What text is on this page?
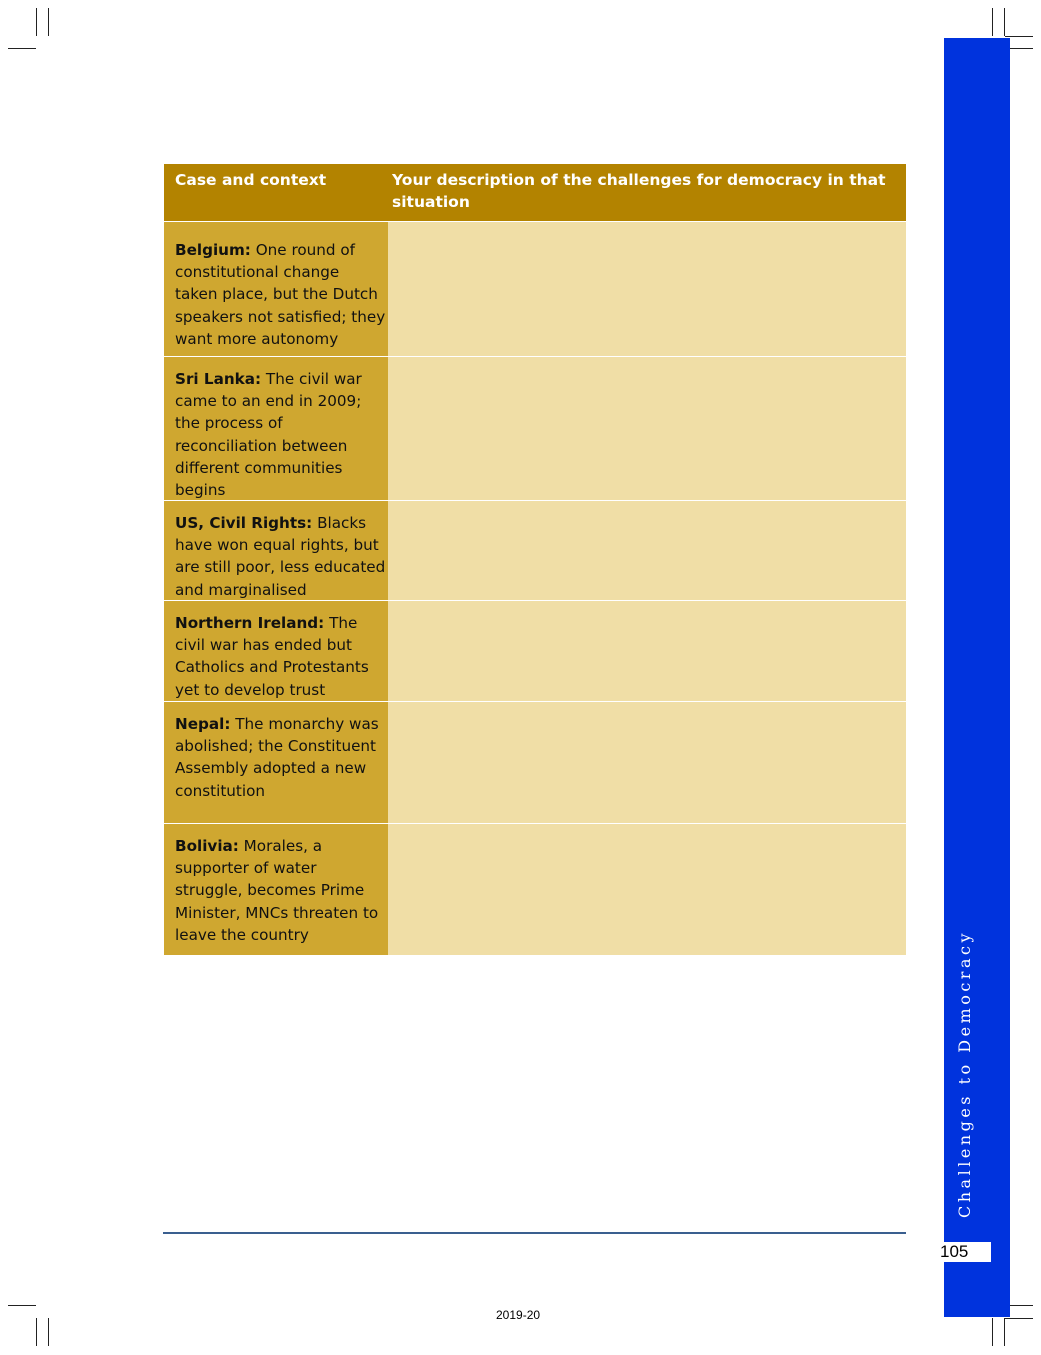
Challenges to Democracy
105
Case and context	Your description of the challenges for democracy in that situation
Belgium: One round of constitutional change taken place, but the Dutch speakers not satisfied; they want more autonomy
Sri Lanka: The civil war came to an end in 2009; the process of reconciliation between different communities begins
US, Civil Rights: Blacks have won equal rights, but are still poor, less educated and marginalised
Northern Ireland: The civil war has ended but Catholics and Protestants yet to develop trust
Nepal: The monarchy was abolished; the Constituent Assembly adopted a new constitution
Bolivia: Morales, a supporter of water struggle, becomes Prime Minister, MNCs threaten to leave the country
2019-20
